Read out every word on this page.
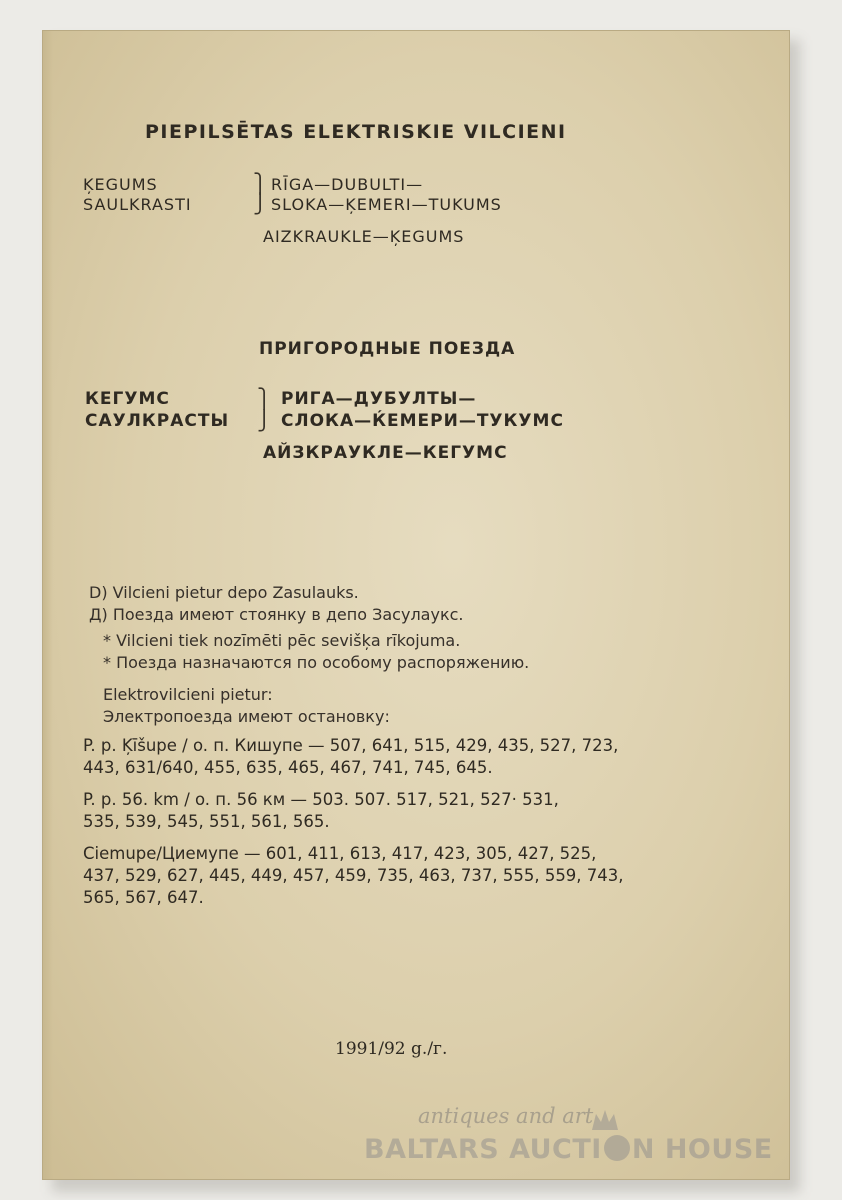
PIEPILSĒTAS ELEKTRISKIE VILCIENI
ĶEGUMS
SAULKRASTI
⎫
⎭
RĪGA—DUBULTI—
SLOKA—ĶEMERI—TUKUMS
AIZKRAUKLE—ĶEGUMS
ПРИГОРОДНЫЕ ПОЕЗДА
КЕГУМС
САУЛКРАСТЫ
⎫
⎭
РИГА—ДУБУЛТЫ—
СЛОКА—ЌЕМЕРИ—ТУКУМС
АЙЗКРАУКЛЕ—КЕГУМС
D) Vilcieni pietur depo Zasulauks.
Д) Поезда имеют стоянку в депо Засулаукс.
* Vilcieni tiek nozīmēti pēc sevišķa rīkojuma.
* Поезда назначаются по особому распоряжению.
Elektrovilcieni pietur:
Электропоезда имеют остановку:
P. p. Ķīšupe / o. п. Кишупе — 507, 641, 515, 429, 435, 527, 723,
443, 631/640, 455, 635, 465, 467, 741, 745, 645.
P. p. 56. km / o. п. 56 км — 503. 507. 517, 521, 527· 531,
535, 539, 545, 551, 561, 565.
Ciemupe/Циемупе — 601, 411, 613, 417, 423, 305, 427, 525,
437, 529, 627, 445, 449, 457, 459, 735, 463, 737, 555, 559, 743,
565, 567, 647.
1991/92 g./г.
antiques and art
BALTARS AUCTI N HOUSE
